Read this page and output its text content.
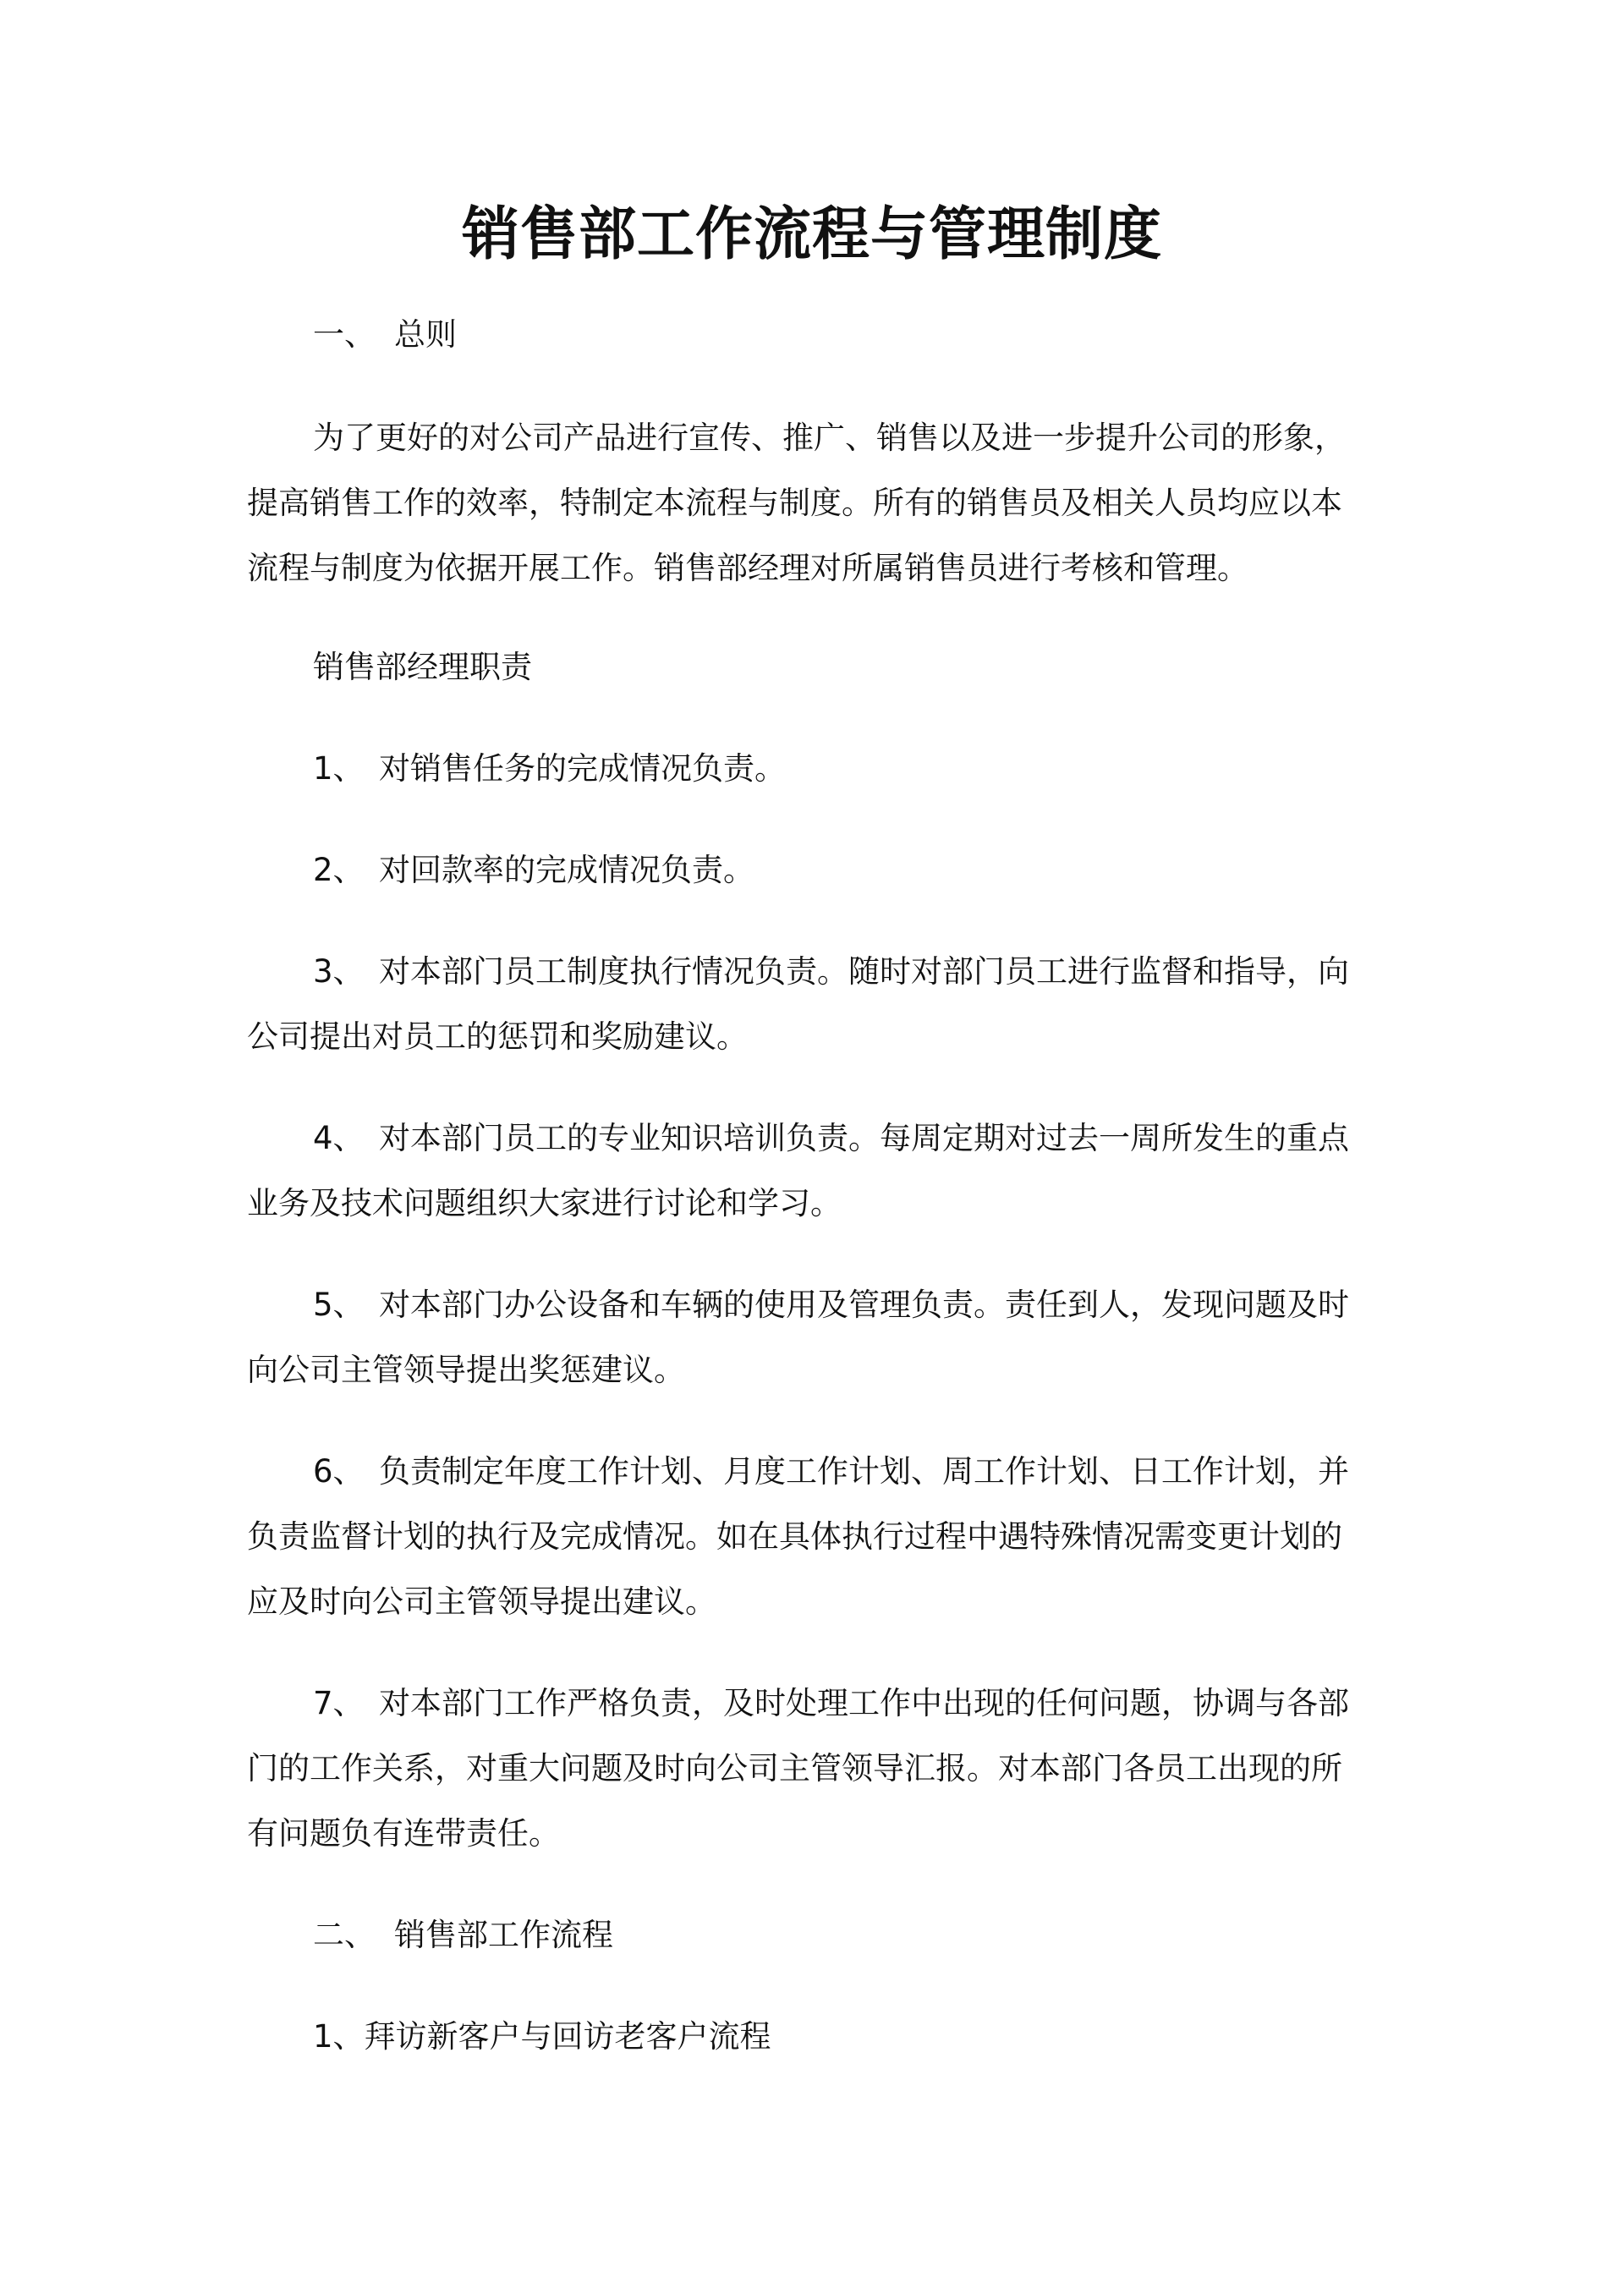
销售部工作流程与管理制度

一、 总则

为了更好的对公司产品进行宣传、推广、销售以及进一步提升公司的形象，

提高销售工作的效率，特制定本流程与制度。所有的销售员及相关人员均应以本

流程与制度为依据开展工作。销售部经理对所属销售员进行考核和管理。

销售部经理职责

1、 对销售任务的完成情况负责。

2、 对回款率的完成情况负责。

3、 对本部门员工制度执行情况负责。随时对部门员工进行监督和指导，向

公司提出对员工的惩罚和奖励建议。

4、 对本部门员工的专业知识培训负责。每周定期对过去一周所发生的重点

业务及技术问题组织大家进行讨论和学习。

5、 对本部门办公设备和车辆的使用及管理负责。责任到人，发现问题及时

向公司主管领导提出奖惩建议。

6、 负责制定年度工作计划、月度工作计划、周工作计划、日工作计划，并

负责监督计划的执行及完成情况。如在具体执行过程中遇特殊情况需变更计划的

应及时向公司主管领导提出建议。

7、 对本部门工作严格负责，及时处理工作中出现的任何问题，协调与各部

门的工作关系，对重大问题及时向公司主管领导汇报。对本部门各员工出现的所

有问题负有连带责任。

二、 销售部工作流程

1、拜访新客户与回访老客户流程
